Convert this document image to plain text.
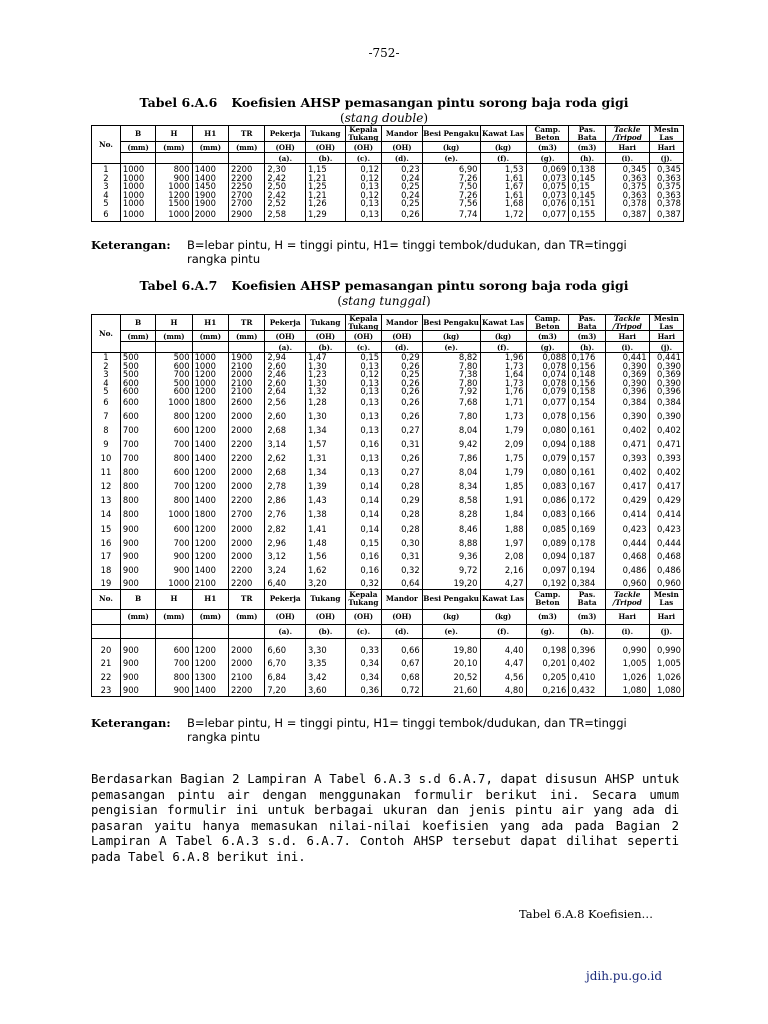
-752-
Tabel 6.A.6 Koefisien AHSP pemasangan pintu sorong baja roda gigi
(stang double)
No.	B	H	H1	TR	Pekerja	Tukang	Kepala Tukang	Mandor	Besi Pengaku	Kawat Las	Camp. Beton	Pas. Bata	Tackle /Tripod	Mesin Las
	(mm)	(mm)	(mm)	(mm)	(OH)	(OH)	(OH)	(OH)	(kg)	(kg)	(m3)	(m3)	Hari	Hari
					(a).	(b).	(c).	(d).	(e).	(f).	(g).	(h).	(i).	(j).
1	1000	800	1400	2200	2,30	1,15	0,12	0,23	6,90	1,53	0,069	0,138	0,345	0,345
2	1000	900	1400	2200	2,42	1,21	0,12	0,24	7,26	1,61	0,073	0,145	0,363	0,363
3	1000	1000	1450	2250	2,50	1,25	0,13	0,25	7,50	1,67	0,075	0,15	0,375	0,375
4	1000	1200	1900	2700	2,42	1,21	0,12	0,24	7,26	1,61	0,073	0,145	0,363	0,363
5	1000	1500	1900	2700	2,52	1,26	0,13	0,25	7,56	1,68	0,076	0,151	0,378	0,378
6	1000	1000	2000	2900	2,58	1,29	0,13	0,26	7,74	1,72	0,077	0,155	0,387	0,387
Keterangan: B=lebar pintu, H = tinggi pintu, H1= tinggi tembok/dudukan, dan TR=tinggi rangka pintu
Tabel 6.A.7 Koefisien AHSP pemasangan pintu sorong baja roda gigi
(stang tunggal)
No.	B	H	H1	TR	Pekerja	Tukang	Kepala Tukang	Mandor	Besi Pengaku	Kawat Las	Camp. Beton	Pas. Bata	Tackle /Tripod	Mesin Las
	(mm)	(mm)	(mm)	(mm)	(OH)	(OH)	(OH)	(OH)	(kg)	(kg)	(m3)	(m3)	Hari	Hari
					(a).	(b).	(c).	(d).	(e).	(f).	(g).	(h).	(i).	(j).
1	500	500	1000	1900	2,94	1,47	0,15	0,29	8,82	1,96	0,088	0,176	0,441	0,441
2	500	600	1000	2100	2,60	1,30	0,13	0,26	7,80	1,73	0,078	0,156	0,390	0,390
3	500	700	1200	2000	2,46	1,23	0,12	0,25	7,38	1,64	0,074	0,148	0,369	0,369
4	600	500	1000	2100	2,60	1,30	0,13	0,26	7,80	1,73	0,078	0,156	0,390	0,390
5	600	600	1200	2100	2,64	1,32	0,13	0,26	7,92	1,76	0,079	0,158	0,396	0,396
6	600	1000	1800	2600	2,56	1,28	0,13	0,26	7,68	1,71	0,077	0,154	0,384	0,384
7	600	800	1200	2000	2,60	1,30	0,13	0,26	7,80	1,73	0,078	0,156	0,390	0,390
8	700	600	1200	2000	2,68	1,34	0,13	0,27	8,04	1,79	0,080	0,161	0,402	0,402
9	700	700	1400	2200	3,14	1,57	0,16	0,31	9,42	2,09	0,094	0,188	0,471	0,471
10	700	800	1400	2200	2,62	1,31	0,13	0,26	7,86	1,75	0,079	0,157	0,393	0,393
11	800	600	1200	2000	2,68	1,34	0,13	0,27	8,04	1,79	0,080	0,161	0,402	0,402
12	800	700	1200	2000	2,78	1,39	0,14	0,28	8,34	1,85	0,083	0,167	0,417	0,417
13	800	800	1400	2200	2,86	1,43	0,14	0,29	8,58	1,91	0,086	0,172	0,429	0,429
14	800	1000	1800	2700	2,76	1,38	0,14	0,28	8,28	1,84	0,083	0,166	0,414	0,414
15	900	600	1200	2000	2,82	1,41	0,14	0,28	8,46	1,88	0,085	0,169	0,423	0,423
16	900	700	1200	2000	2,96	1,48	0,15	0,30	8,88	1,97	0,089	0,178	0,444	0,444
17	900	900	1200	2000	3,12	1,56	0,16	0,31	9,36	2,08	0,094	0,187	0,468	0,468
18	900	900	1400	2200	3,24	1,62	0,16	0,32	9,72	2,16	0,097	0,194	0,486	0,486
19	900	1000	2100	2200	6,40	3,20	0,32	0,64	19,20	4,27	0,192	0,384	0,960	0,960
No.	B	H	H1	TR	Pekerja	Tukang	Kepala Tukang	Mandor	Besi Pengaku	Kawat Las	Camp. Beton	Pas. Bata	Tackle /Tripod	Mesin Las
	(mm)	(mm)	(mm)	(mm)	(OH)	(OH)	(OH)	(OH)	(kg)	(kg)	(m3)	(m3)	Hari	Hari
					(a).	(b).	(c).	(d).	(e).	(f).	(g).	(h).	(i).	(j).

20	900	600	1200	2000	6,60	3,30	0,33	0,66	19,80	4,40	0,198	0,396	0,990	0,990
21	900	700	1200	2000	6,70	3,35	0,34	0,67	20,10	4,47	0,201	0,402	1,005	1,005
22	900	800	1300	2100	6,84	3,42	0,34	0,68	20,52	4,56	0,205	0,410	1,026	1,026
23	900	900	1400	2200	7,20	3,60	0,36	0,72	21,60	4,80	0,216	0,432	1,080	1,080
Keterangan: B=lebar pintu, H = tinggi pintu, H1= tinggi tembok/dudukan, dan TR=tinggi rangka pintu
Berdasarkan Bagian 2 Lampiran A Tabel 6.A.3 s.d 6.A.7, dapat disusun AHSP untuk pemasangan pintu air dengan menggunakan formulir berikut ini. Secara umum pengisian formulir ini untuk berbagai ukuran dan jenis pintu air yang ada di pasaran yaitu hanya memasukan nilai-nilai koefisien yang ada pada Bagian 2 Lampiran A Tabel 6.A.3 s.d. 6.A.7. Contoh AHSP tersebut dapat dilihat seperti pada Tabel 6.A.8 berikut ini.
Tabel 6.A.8 Koefisien…
jdih.pu.go.id
